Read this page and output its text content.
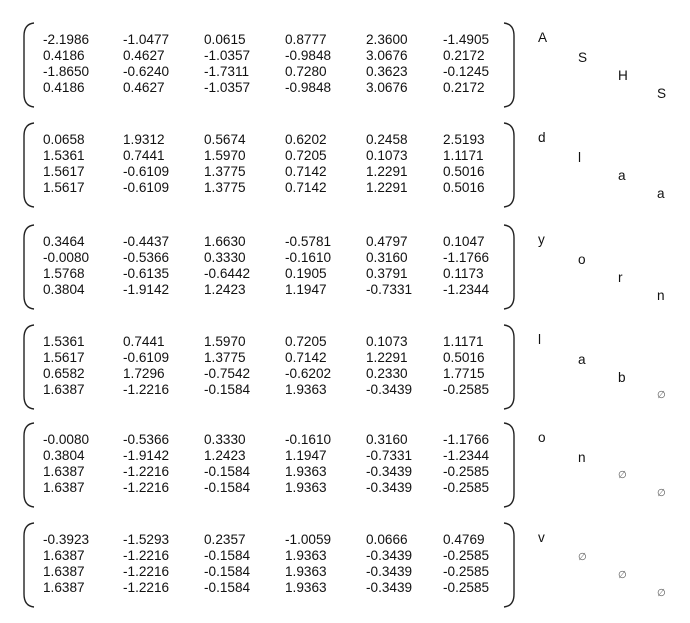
-2.1986 -1.0477	0.0615	0.8777	2.3600	-1.4905
0.4186	0.4627	-1.0357	-0.9848	3.0676	0.2172
-1.8650 -0.6240	-1.7311	0.7280	0.3623	-0.1245
0.4186	0.4627	-1.0357	-0.9848	3.0676	0.2172
A
S
H
S
0.0658	1.9312	0.5674	0.6202	0.2458	2.5193
1.5361	0.7441	1.5970	0.7205	0.1073	1.1171
1.5617	-0.6109	1.3775	0.7142	1.2291	0.5016
1.5617	-0.6109	1.3775	0.7142	1.2291	0.5016
d
l
a
a
0.3464	-0.4437	1.6630	-0.5781	0.4797	0.1047
-0.0080 -0.5366	0.3330	-0.1610	0.3160	-1.1766
1.5768	-0.6135	-0.6442	0.1905	0.3791	0.1173
0.3804	-1.9142	1.2423	1.1947	-0.7331 -1.2344
y
o
r
n
1.5361	0.7441	1.5970	0.7205	0.1073	1.1171
1.5617	-0.6109	1.3775	0.7142	1.2291	0.5016
0.6582	1.7296	-0.7542	-0.6202	0.2330	1.7715
1.6387	-1.2216	-0.1584	1.9363	-0.3439 -0.2585
l
a
b
∅
-0.0080 -0.5366	0.3330	-0.1610	0.3160	-1.1766
0.3804	-1.9142	1.2423	1.1947	-0.7331 -1.2344
1.6387	-1.2216	-0.1584	1.9363	-0.3439 -0.2585
1.6387	-1.2216	-0.1584	1.9363	-0.3439 -0.2585
o
n
∅
∅
-0.3923 -1.5293	0.2357	-1.0059	0.0666	0.4769
1.6387	-1.2216	-0.1584	1.9363	-0.3439 -0.2585
1.6387	-1.2216	-0.1584	1.9363	-0.3439 -0.2585
1.6387	-1.2216	-0.1584	1.9363	-0.3439 -0.2585
v
∅
∅
∅
